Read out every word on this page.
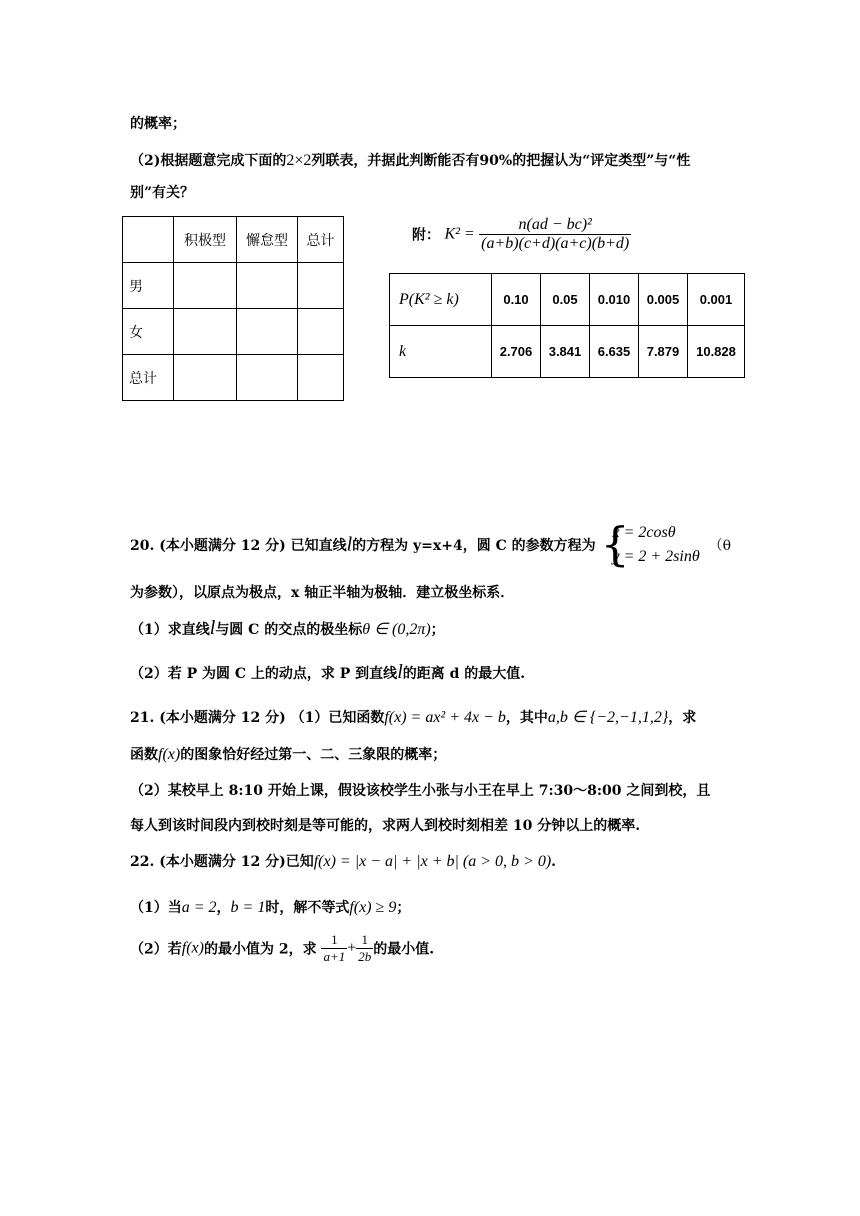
的概率；
（2)根据题意完成下面的2×2列联表，并据此判断能否有90%的把握认为“评定类型”与“性
别”有关？
	积极型	懈怠型	总计
男			
女			
总计			
附： $K^2 = \frac{\text{n(ad − bc)²}}{(a+b)(c+d)(a+c)(b+d)}$
P(K² ≥ k)	0.10	0.05	0.010	0.005	0.001
k	2.706	3.841	6.635	7.879	10.828
20. (本小题满分 12 分) 已知直线l的方程为 y=x+4，圆 C 的参数方程为 {
x = 2cosθ
y = 2 + 2sinθ
（θ
为参数），以原点为极点，x 轴正半轴为极轴．建立极坐标系．
（1）求直线l与圆 C 的交点的极坐标θ ∈ (0,2π)；
（2）若 P 为圆 C 上的动点，求 P 到直线l的距离 d 的最大值.
21. (本小题满分 12 分) （1）已知函数f(x) = ax² + 4x − b，其中a,b ∈ {−2,−1,1,2}，求
函数f(x)的图象恰好经过第一、二、三象限的概率；
（2）某校早上 8:10 开始上课，假设该校学生小张与小王在早上 7:30～8:00 之间到校，且
每人到该时间段内到校时刻是等可能的，求两人到校时刻相差 10 分钟以上的概率.
22. (本小题满分 12 分)已知f(x) = |x − a| + |x + b| (a > 0, b > 0).
（1）当a = 2，b = 1时，解不等式f(x) ≥ 9；
（2）若f(x)的最小值为 2，求 $\frac{1}{a+1} + \frac{1}{2b}$ 的最小值.
